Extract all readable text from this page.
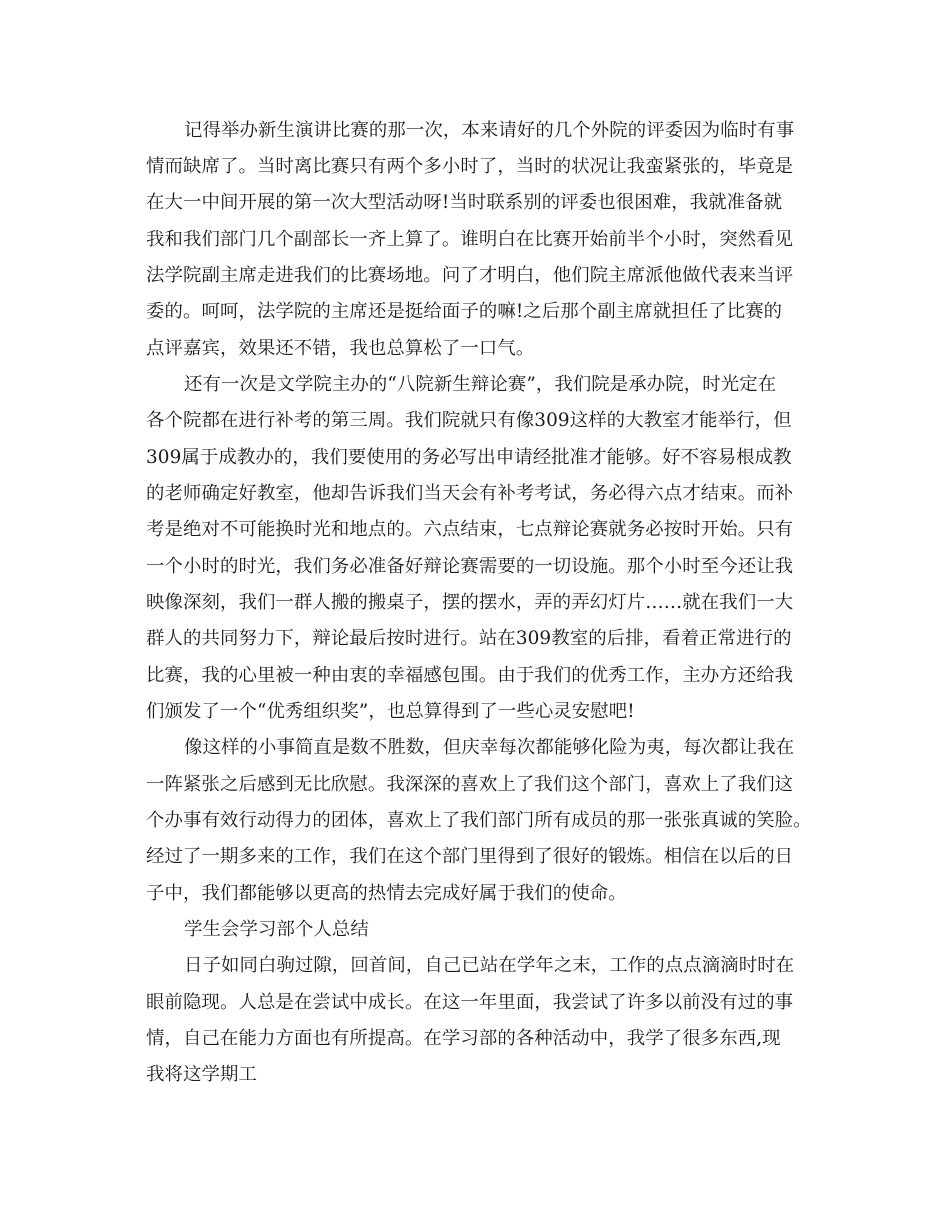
记得举办新生演讲比赛的那一次，本来请好的几个外院的评委因为临时有事

情而缺席了。当时离比赛只有两个多小时了，当时的状况让我蛮紧张的，毕竟是

在大一中间开展的第一次大型活动呀!当时联系别的评委也很困难，我就准备就

我和我们部门几个副部长一齐上算了。谁明白在比赛开始前半个小时，突然看见

法学院副主席走进我们的比赛场地。问了才明白，他们院主席派他做代表来当评

委的。呵呵，法学院的主席还是挺给面子的嘛!之后那个副主席就担任了比赛的

点评嘉宾，效果还不错，我也总算松了一口气。

还有一次是文学院主办的“八院新生辩论赛”，我们院是承办院，时光定在

各个院都在进行补考的第三周。我们院就只有像309这样的大教室才能举行，但

309属于成教办的，我们要使用的务必写出申请经批准才能够。好不容易根成教

的老师确定好教室，他却告诉我们当天会有补考考试，务必得六点才结束。而补

考是绝对不可能换时光和地点的。六点结束，七点辩论赛就务必按时开始。只有

一个小时的时光，我们务必准备好辩论赛需要的一切设施。那个小时至今还让我

映像深刻，我们一群人搬的搬桌子，摆的摆水，弄的弄幻灯片……就在我们一大

群人的共同努力下，辩论最后按时进行。站在309教室的后排，看着正常进行的

比赛，我的心里被一种由衷的幸福感包围。由于我们的优秀工作，主办方还给我

们颁发了一个“优秀组织奖”，也总算得到了一些心灵安慰吧!

像这样的小事简直是数不胜数，但庆幸每次都能够化险为夷，每次都让我在

一阵紧张之后感到无比欣慰。我深深的喜欢上了我们这个部门，喜欢上了我们这

个办事有效行动得力的团体，喜欢上了我们部门所有成员的那一张张真诚的笑脸。

经过了一期多来的工作，我们在这个部门里得到了很好的锻炼。相信在以后的日

子中，我们都能够以更高的热情去完成好属于我们的使命。

学生会学习部个人总结

日子如同白驹过隙，回首间，自己已站在学年之末，工作的点点滴滴时时在

眼前隐现。人总是在尝试中成长。在这一年里面，我尝试了许多以前没有过的事

情，自己在能力方面也有所提高。在学习部的各种活动中，我学了很多东西,现

我将这学期工
